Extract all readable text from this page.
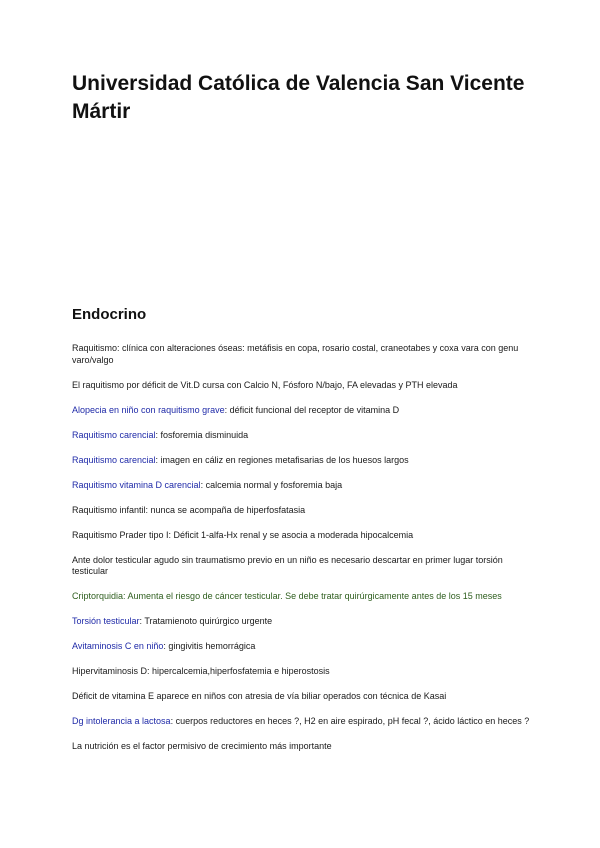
Universidad Católica de Valencia San Vicente Mártir
Endocrino

Raquitismo: clínica con alteraciones óseas: metáfisis en copa, rosario costal, craneotabes y coxa vara con genu varo/valgo

El raquitismo por déficit de Vit.D cursa con Calcio N, Fósforo N/bajo, FA elevadas y PTH elevada

Alopecia en niño con raquitismo grave: déficit funcional del receptor de vitamina D

Raquitismo carencial: fosforemia disminuida

Raquitismo carencial: imagen en cáliz en regiones metafisarias de los huesos largos

Raquitismo vitamina D carencial: calcemia normal y fosforemia baja

Raquitismo infantil: nunca se acompaña de hiperfosfatasia

Raquitismo Prader tipo I: Déficit 1-alfa-Hx renal y se asocia a moderada hipocalcemia

Ante dolor testicular agudo sin traumatismo previo en un niño es necesario descartar en primer lugar torsión testicular

Criptorquidia: Aumenta el riesgo de cáncer testicular. Se debe tratar quirúrgicamente antes de los 15 meses

Torsión testicular: Tratamienoto quirúrgico urgente

Avitaminosis C en niño: gingivitis hemorrágica

Hipervitaminosis D: hipercalcemia,hiperfosfatemia e hiperostosis

Déficit de vitamina E aparece en niños con atresia de vía biliar operados con técnica de Kasai

Dg intolerancia a lactosa: cuerpos reductores en heces ?, H2 en aire espirado, pH fecal ?, ácido láctico en heces ?

La nutrición es el factor permisivo de crecimiento más importante
